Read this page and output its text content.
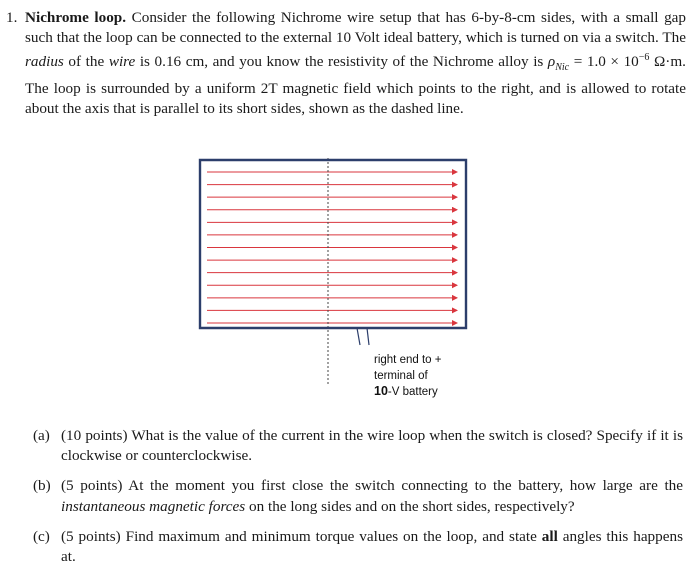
1. Nichrome loop. Consider the following Nichrome wire setup that has 6-by-8-cm sides, with a small gap such that the loop can be connected to the external 10 Volt ideal battery, which is turned on via a switch. The radius of the wire is 0.16 cm, and you know the resistivity of the Nichrome alloy is $\rho_{Nic} = 1.0 \times 10^{-6}$ Ω·m. The loop is surrounded by a uniform 2T magnetic field which points to the right, and is allowed to rotate about the axis that is parallel to its short sides, shown as the dashed line.
right end to +
terminal of
10-V battery
(a) (10 points) What is the value of the current in the wire loop when the switch is closed? Specify if it is clockwise or counterclockwise.
(b) (5 points) At the moment you first close the switch connecting to the battery, how large are the instantaneous magnetic forces on the long sides and on the short sides, respectively?
(c) (5 points) Find maximum and minimum torque values on the loop, and state all angles this happens at.
